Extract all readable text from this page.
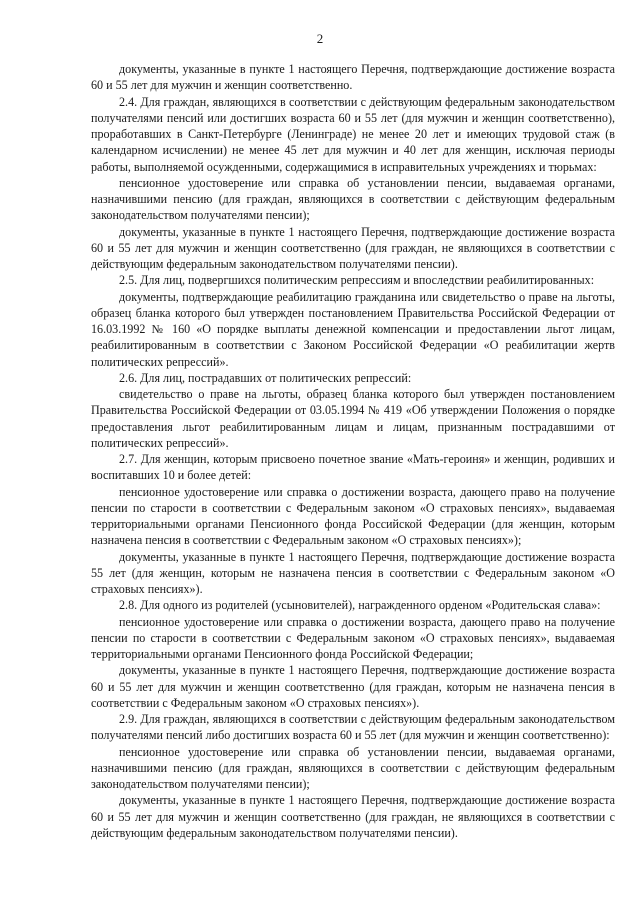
2

документы, указанные в пункте 1 настоящего Перечня, подтверждающие достижение возраста 60 и 55 лет для мужчин и женщин соответственно.

2.4. Для граждан, являющихся в соответствии с действующим федеральным законодательством получателями пенсий или достигших возраста 60 и 55 лет (для мужчин и женщин соответственно), проработавших в Санкт-Петербурге (Ленинграде) не менее 20 лет и имеющих трудовой стаж (в календарном исчислении) не менее 45 лет для мужчин и 40 лет для женщин, исключая периоды работы, выполняемой осужденными, содержащимися в исправительных учреждениях и тюрьмах:

пенсионное удостоверение или справка об установлении пенсии, выдаваемая органами, назначившими пенсию (для граждан, являющихся в соответствии с действующим федеральным законодательством получателями пенсии);

документы, указанные в пункте 1 настоящего Перечня, подтверждающие достижение возраста 60 и 55 лет для мужчин и женщин соответственно (для граждан, не являющихся в соответствии с действующим федеральным законодательством получателями пенсии).

2.5. Для лиц, подвергшихся политическим репрессиям и впоследствии реабилитированных:

документы, подтверждающие реабилитацию гражданина или свидетельство о праве на льготы, образец бланка которого был утвержден постановлением Правительства Российской Федерации от 16.03.1992 № 160 «О порядке выплаты денежной компенсации и предоставлении льгот лицам, реабилитированным в соответствии с Законом Российской Федерации «О реабилитации жертв политических репрессий».

2.6. Для лиц, пострадавших от политических репрессий:

свидетельство о праве на льготы, образец бланка которого был утвержден постановлением Правительства Российской Федерации от 03.05.1994 № 419 «Об утверждении Положения о порядке предоставления льгот реабилитированным лицам и лицам, признанным пострадавшими от политических репрессий».

2.7. Для женщин, которым присвоено почетное звание «Мать-героиня» и женщин, родивших и воспитавших 10 и более детей:

пенсионное удостоверение или справка о достижении возраста, дающего право на получение пенсии по старости в соответствии с Федеральным законом «О страховых пенсиях», выдаваемая территориальными органами Пенсионного фонда Российской Федерации (для женщин, которым назначена пенсия в соответствии с Федеральным законом «О страховых пенсиях»);

документы, указанные в пункте 1 настоящего Перечня, подтверждающие достижение возраста 55 лет (для женщин, которым не назначена пенсия в соответствии с Федеральным законом «О страховых пенсиях»).

2.8. Для одного из родителей (усыновителей), награжденного орденом «Родительская слава»:

пенсионное удостоверение или справка о достижении возраста, дающего право на получение пенсии по старости в соответствии с Федеральным законом «О страховых пенсиях», выдаваемая территориальными органами Пенсионного фонда Российской Федерации;

документы, указанные в пункте 1 настоящего Перечня, подтверждающие достижение возраста 60 и 55 лет для мужчин и женщин соответственно (для граждан, которым не назначена пенсия в соответствии с Федеральным законом «О страховых пенсиях»).

2.9. Для граждан, являющихся в соответствии с действующим федеральным законодательством получателями пенсий либо достигших возраста 60 и 55 лет (для мужчин и женщин соответственно):

пенсионное удостоверение или справка об установлении пенсии, выдаваемая органами, назначившими пенсию (для граждан, являющихся в соответствии с действующим федеральным законодательством получателями пенсии);

документы, указанные в пункте 1 настоящего Перечня, подтверждающие достижение возраста 60 и 55 лет для мужчин и женщин соответственно (для граждан, не являющихся в соответствии с действующим федеральным законодательством получателями пенсии).
